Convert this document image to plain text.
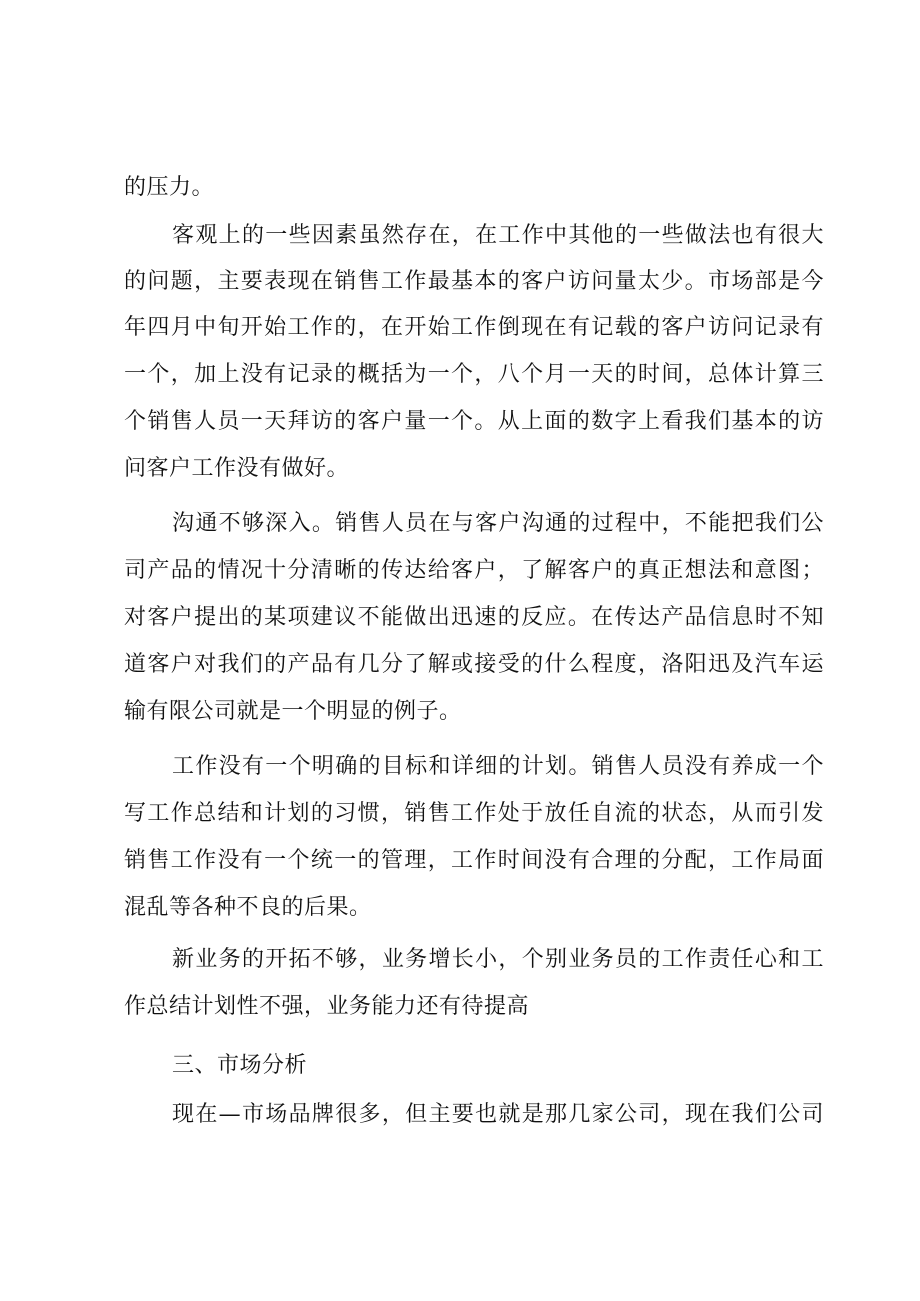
的压力。
客观上的一些因素虽然存在，在工作中其他的一些做法也有很大
的问题，主要表现在销售工作最基本的客户访问量太少。市场部是今
年四月中旬开始工作的，在开始工作倒现在有记载的客户访问记录有
一个，加上没有记录的概括为一个，八个月一天的时间，总体计算三
个销售人员一天拜访的客户量一个。从上面的数字上看我们基本的访
问客户工作没有做好。
沟通不够深入。销售人员在与客户沟通的过程中，不能把我们公
司产品的情况十分清晰的传达给客户，了解客户的真正想法和意图；
对客户提出的某项建议不能做出迅速的反应。在传达产品信息时不知
道客户对我们的产品有几分了解或接受的什么程度，洛阳迅及汽车运
输有限公司就是一个明显的例子。
工作没有一个明确的目标和详细的计划。销售人员没有养成一个
写工作总结和计划的习惯，销售工作处于放任自流的状态，从而引发
销售工作没有一个统一的管理，工作时间没有合理的分配，工作局面
混乱等各种不良的后果。
新业务的开拓不够，业务增长小，个别业务员的工作责任心和工
作总结计划性不强，业务能力还有待提高
三、市场分析
现在—市场品牌很多，但主要也就是那几家公司，现在我们公司
